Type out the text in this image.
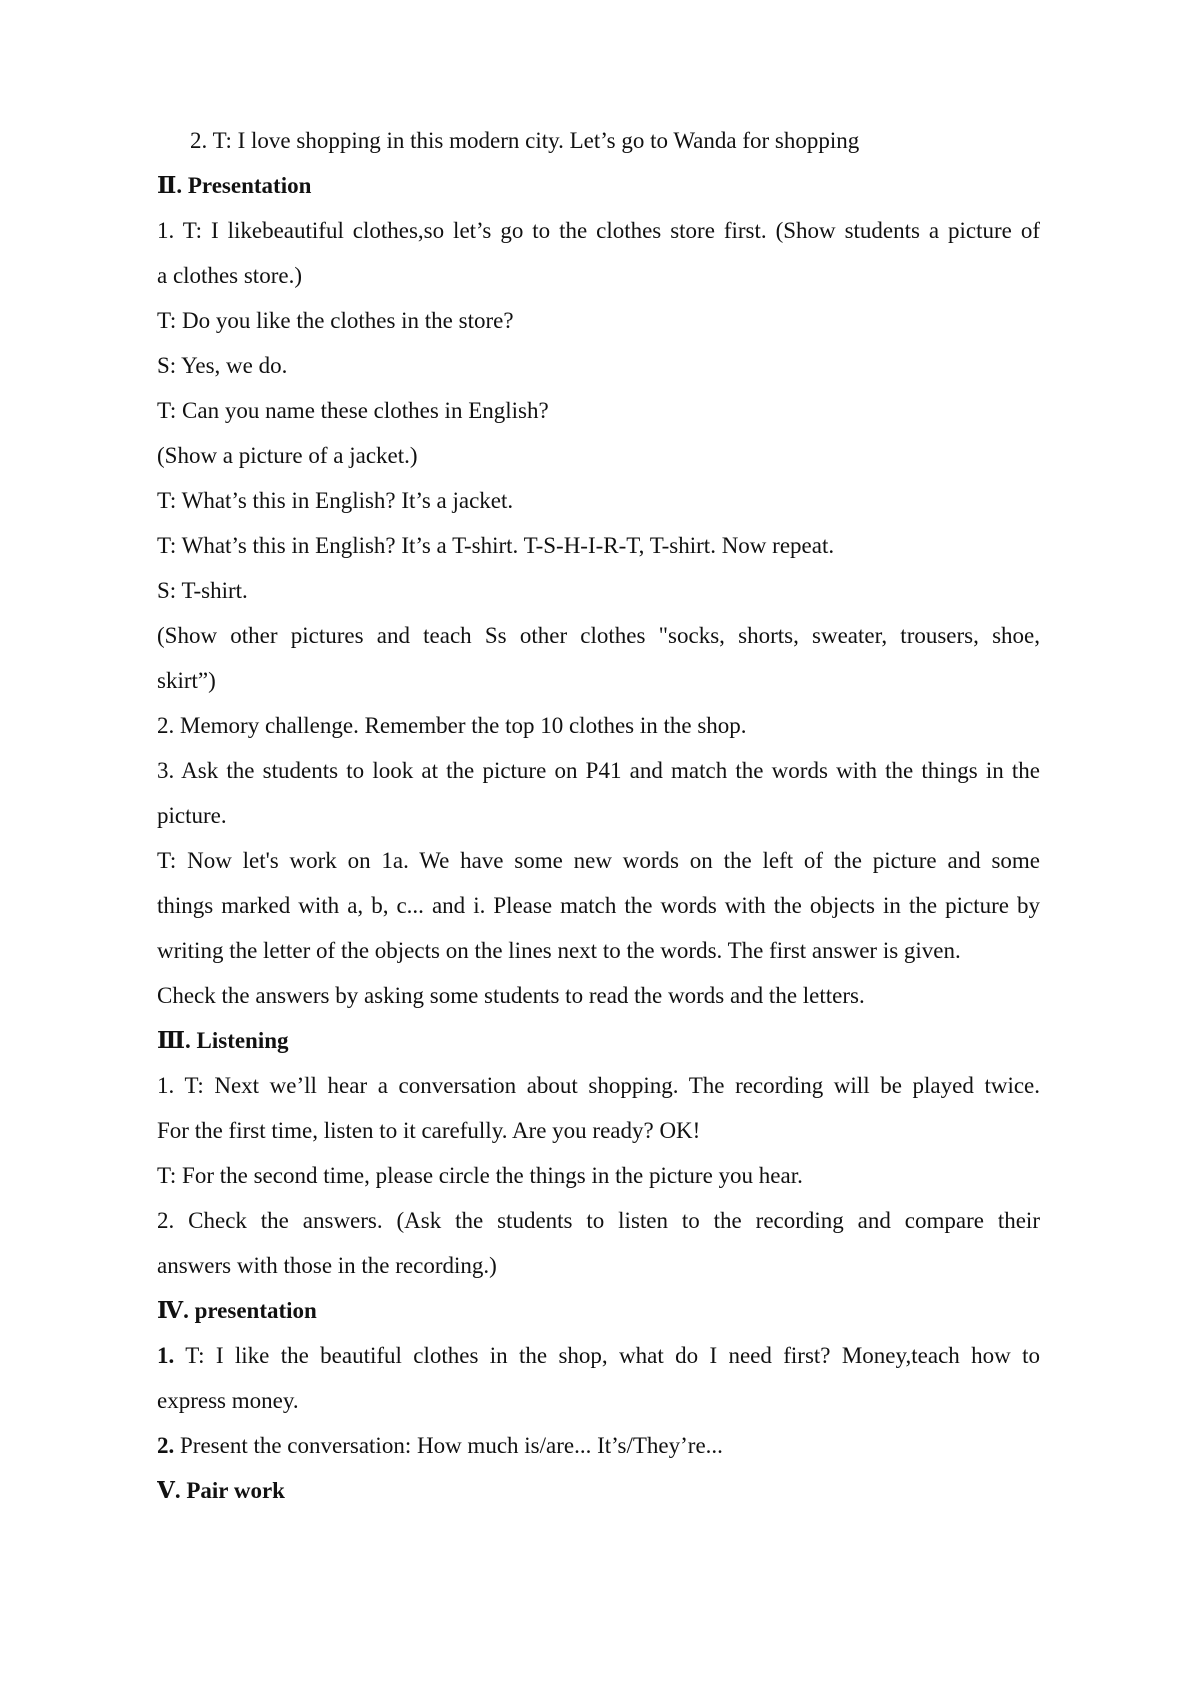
2. T: I love shopping in this modern city. Let’s go to Wanda for shopping
Ⅱ. Presentation
1. T: I likebeautiful clothes,so let’s go to the clothes store first. (Show students a picture of
a clothes store.)
T: Do you like the clothes in the store?
S: Yes, we do.
T: Can you name these clothes in English?
(Show a picture of a jacket.)
T: What’s this in English? It’s a jacket.
T: What’s this in English? It’s a T-shirt. T-S-H-I-R-T, T-shirt. Now repeat.
S: T-shirt.
(Show other pictures and teach Ss other clothes "socks, shorts, sweater, trousers, shoe,
skirt”)
2. Memory challenge. Remember the top 10 clothes in the shop.
3. Ask the students to look at the picture on P41 and match the words with the things in the
picture.
T: Now let's work on 1a. We have some new words on the left of the picture and some
things marked with a, b, c... and i. Please match the words with the objects in the picture by
writing the letter of the objects on the lines next to the words. The first answer is given.
Check the answers by asking some students to read the words and the letters.
Ⅲ. Listening
1. T: Next we’ll hear a conversation about shopping. The recording will be played twice.
For the first time, listen to it carefully. Are you ready? OK!
T: For the second time, please circle the things in the picture you hear.
2. Check the answers. (Ask the students to listen to the recording and compare their
answers with those in the recording.)
Ⅳ. presentation
1. T: I like the beautiful clothes in the shop, what do I need first? Money,teach how to
express money.
2. Present the conversation: How much is/are... It’s/They’re...
Ⅴ. Pair work
